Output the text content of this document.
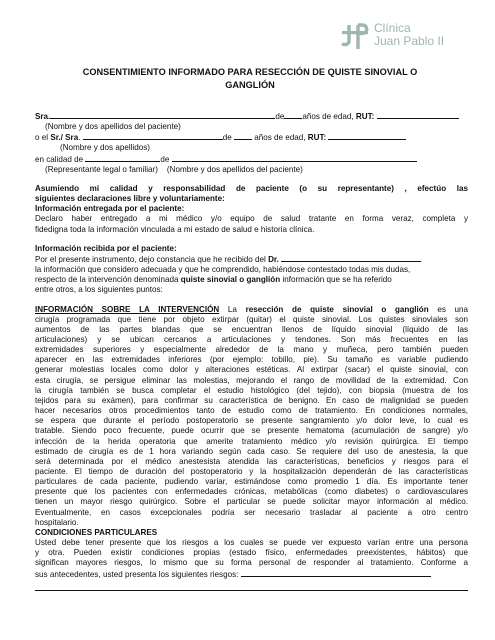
Clínica
Juan Pablo II
CONSENTIMIENTO INFORMADO PARA RESECCIÓN DE QUISTE SINOVIAL O
GANGLIÓN
Sra.	de años de edad, RUT:
(Nombre y dos apellidos del paciente)
o el Sr./ Sra.	de	años de edad, RUT:
(Nombre y dos apellidos)
en calidad de	de
(Representante legal o familiar) (Nombre y dos apellidos del paciente)

Asumiendo mi calidad y responsabilidad de paciente (o su representante) , efectúo las

siguientes declaraciones libre y voluntariamente:

Información entregada por el paciente:

Declaro haber entregado a mi médico y/o equipo de salud tratante en forma veraz, completa y

fidedigna toda la información vinculada a mi estado de salud e historia clínica.

Información recibida por el paciente:

Por el presente instrumento, dejo constancia que he recibido del Dr.

la información que considero adecuada y que he comprendido, habiéndose contestado todas mis dudas,

respecto de la intervención denominada quiste sinovial o ganglión información que se ha referido

entre otros, a los siguientes puntos:

INFORMACIÓN SOBRE LA INTERVENCIÓN La resección de quiste sinovial o ganglión es una

cirugía programada que tiene por objeto extirpar (quitar) el quiste sinovial. Los quistes sinoviales son

aumentos de las partes blandas que se encuentran llenos de líquido sinovial (líquido de las

articulaciones) y se ubican cercanos a articulaciones y tendones. Son más frecuentes en las

extremidades superiores y especialmente alrededor de la mano y muñeca, pero también pueden

aparecer en las extremidades inferiores (por ejemplo: tobillo, pie). Su tamaño es variable pudiendo

generar molestias locales como dolor y alteraciones estéticas. Al extirpar (sacar) el quiste sinovial, con

esta cirugía, se persigue eliminar las molestias, mejorando el rango de movilidad de la extremidad. Con

la cirugía también se busca completar el estudio histológico (del tejido), con biopsia (muestra de los

tejidos para su exámen), para confirmar su característica de benigno. En caso de malignidad se pueden

hacer necesarios otros procedimientos tanto de estudio como de tratamiento. En condiciones normales,

se espera que durante el período postoperatorio se presente sangramiento y/o dolor leve, lo cual es

tratable. Siendo poco frecuente, puede ocurrir que se presente hematoma (acumulación de sangre) y/o

infección de la herida operatoria que amerite tratamiento médico y/o revisión quirúrgica. El tiempo

estimado de cirugía es de 1 hora variando según cada caso. Se requiere del uso de anestesia, la que

será determinada por el médico anestesista atendida las características, beneficios y riesgos para el

paciente. El tiempo de duración del postoperatorio y la hospitalización dependerán de las características

particulares de cada paciente, pudiendo variar, estimándose como promedio 1 día. Es importante tener

presente que los pacientes con enfermedades crónicas, metabólicas (como diabetes) o cardiovasculares

tienen un mayor riesgo quirúrgico. Sobre el particular se puede solicitar mayor información al médico.

Eventualmente, en casos excepcionales podría ser necesario trasladar al paciente a otro centro

hospitalario.

CONDICIONES PARTICULARES

Usted debe tener presente que los riesgos a los cuales se puede ver expuesto varían entre una persona

y otra. Pueden existir condiciones propias (estado físico, enfermedades preexistentes, hábitos) que

significan mayores riesgos, lo mismo que su forma personal de responder al tratamiento. Conforme a

sus antecedentes, usted presenta los siguientes riesgos:
